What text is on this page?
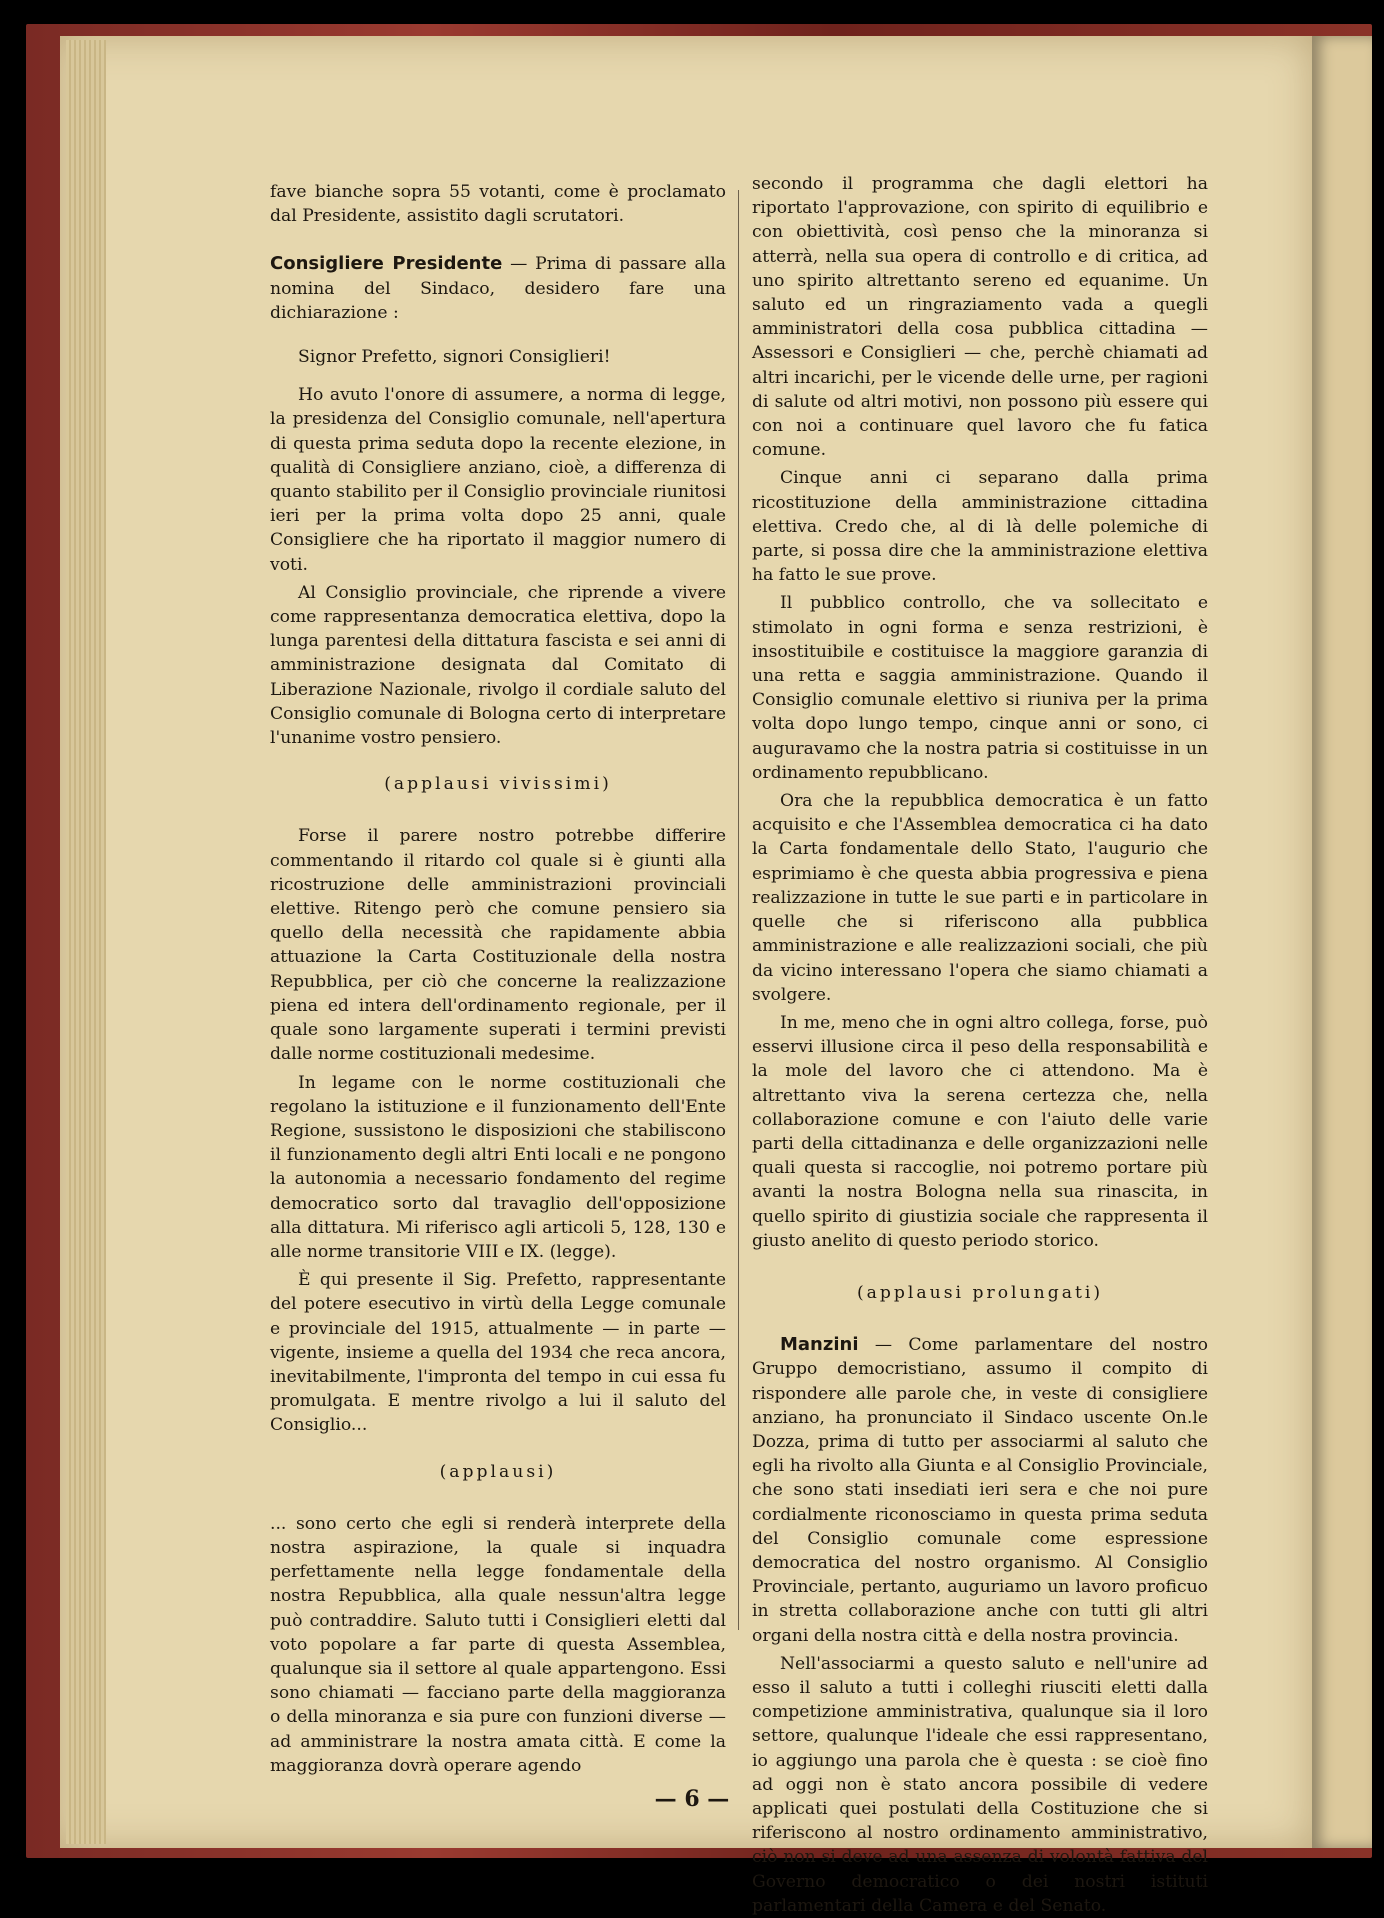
fave bianche sopra 55 votanti, come è proclamato dal Presidente, assistito dagli scrutatori.

Consigliere Presidente — Prima di passare alla nomina del Sindaco, desidero fare una dichiarazione :

Signor Prefetto, signori Consiglieri!

Ho avuto l'onore di assumere, a norma di legge, la presidenza del Consiglio comunale, nell'apertura di questa prima seduta dopo la recente elezione, in qualità di Consigliere anziano, cioè, a differenza di quanto stabilito per il Consiglio provinciale riunitosi ieri per la prima volta dopo 25 anni, quale Consigliere che ha riportato il maggior numero di voti.

Al Consiglio provinciale, che riprende a vivere come rappresentanza democratica elettiva, dopo la lunga parentesi della dittatura fascista e sei anni di amministrazione designata dal Comitato di Liberazione Nazionale, rivolgo il cordiale saluto del Consiglio comunale di Bologna certo di interpretare l'unanime vostro pensiero.

(applausi vivissimi)

Forse il parere nostro potrebbe differire commentando il ritardo col quale si è giunti alla ricostruzione delle amministrazioni provinciali elettive. Ritengo però che comune pensiero sia quello della necessità che rapidamente abbia attuazione la Carta Costituzionale della nostra Repubblica, per ciò che concerne la realizzazione piena ed intera dell'ordinamento regionale, per il quale sono largamente superati i termini previsti dalle norme costituzionali medesime.

In legame con le norme costituzionali che regolano la istituzione e il funzionamento dell'Ente Regione, sussistono le disposizioni che stabiliscono il funzionamento degli altri Enti locali e ne pongono la autonomia a necessario fondamento del regime democratico sorto dal travaglio dell'opposizione alla dittatura. Mi riferisco agli articoli 5, 128, 130 e alle norme transitorie VIII e IX. (legge).

È qui presente il Sig. Prefetto, rappresentante del potere esecutivo in virtù della Legge comunale e provinciale del 1915, attualmente — in parte — vigente, insieme a quella del 1934 che reca ancora, inevitabilmente, l'impronta del tempo in cui essa fu promulgata. E mentre rivolgo a lui il saluto del Consiglio...

(applausi)

... sono certo che egli si renderà interprete della nostra aspirazione, la quale si inquadra perfettamente nella legge fondamentale della nostra Repubblica, alla quale nessun'altra legge può contraddire. Saluto tutti i Consiglieri eletti dal voto popolare a far parte di questa Assemblea, qualunque sia il settore al quale appartengono. Essi sono chiamati — facciano parte della maggioranza o della minoranza e sia pure con funzioni diverse — ad amministrare la nostra amata città. E come la maggioranza dovrà operare agendo

secondo il programma che dagli elettori ha riportato l'approvazione, con spirito di equilibrio e con obiettività, così penso che la minoranza si atterrà, nella sua opera di controllo e di critica, ad uno spirito altrettanto sereno ed equanime. Un saluto ed un ringraziamento vada a quegli amministratori della cosa pubblica cittadina — Assessori e Consiglieri — che, perchè chiamati ad altri incarichi, per le vicende delle urne, per ragioni di salute od altri motivi, non possono più essere qui con noi a continuare quel lavoro che fu fatica comune.

Cinque anni ci separano dalla prima ricostituzione della amministrazione cittadina elettiva. Credo che, al di là delle polemiche di parte, si possa dire che la amministrazione elettiva ha fatto le sue prove.

Il pubblico controllo, che va sollecitato e stimolato in ogni forma e senza restrizioni, è insostituibile e costituisce la maggiore garanzia di una retta e saggia amministrazione. Quando il Consiglio comunale elettivo si riuniva per la prima volta dopo lungo tempo, cinque anni or sono, ci auguravamo che la nostra patria si costituisse in un ordinamento repubblicano.

Ora che la repubblica democratica è un fatto acquisito e che l'Assemblea democratica ci ha dato la Carta fondamentale dello Stato, l'augurio che esprimiamo è che questa abbia progressiva e piena realizzazione in tutte le sue parti e in particolare in quelle che si riferiscono alla pubblica amministrazione e alle realizzazioni sociali, che più da vicino interessano l'opera che siamo chiamati a svolgere.

In me, meno che in ogni altro collega, forse, può esservi illusione circa il peso della responsabilità e la mole del lavoro che ci attendono. Ma è altrettanto viva la serena certezza che, nella collaborazione comune e con l'aiuto delle varie parti della cittadinanza e delle organizzazioni nelle quali questa si raccoglie, noi potremo portare più avanti la nostra Bologna nella sua rinascita, in quello spirito di giustizia sociale che rappresenta il giusto anelito di questo periodo storico.

(applausi prolungati)

Manzini — Come parlamentare del nostro Gruppo democristiano, assumo il compito di rispondere alle parole che, in veste di consigliere anziano, ha pronunciato il Sindaco uscente On.le Dozza, prima di tutto per associarmi al saluto che egli ha rivolto alla Giunta e al Consiglio Provinciale, che sono stati insediati ieri sera e che noi pure cordialmente riconosciamo in questa prima seduta del Consiglio comunale come espressione democratica del nostro organismo. Al Consiglio Provinciale, pertanto, auguriamo un lavoro proficuo in stretta collaborazione anche con tutti gli altri organi della nostra città e della nostra provincia.

Nell'associarmi a questo saluto e nell'unire ad esso il saluto a tutti i colleghi riusciti eletti dalla competizione amministrativa, qualunque sia il loro settore, qualunque l'ideale che essi rappresentano, io aggiungo una parola che è questa : se cioè fino ad oggi non è stato ancora possibile di vedere applicati quei postulati della Costituzione che si riferiscono al nostro ordinamento amministrativo, ciò non si deve ad una assenza di volontà fattiva del Governo democratico o dei nostri istituti parlamentari della Camera e del Senato.

— 6 —
